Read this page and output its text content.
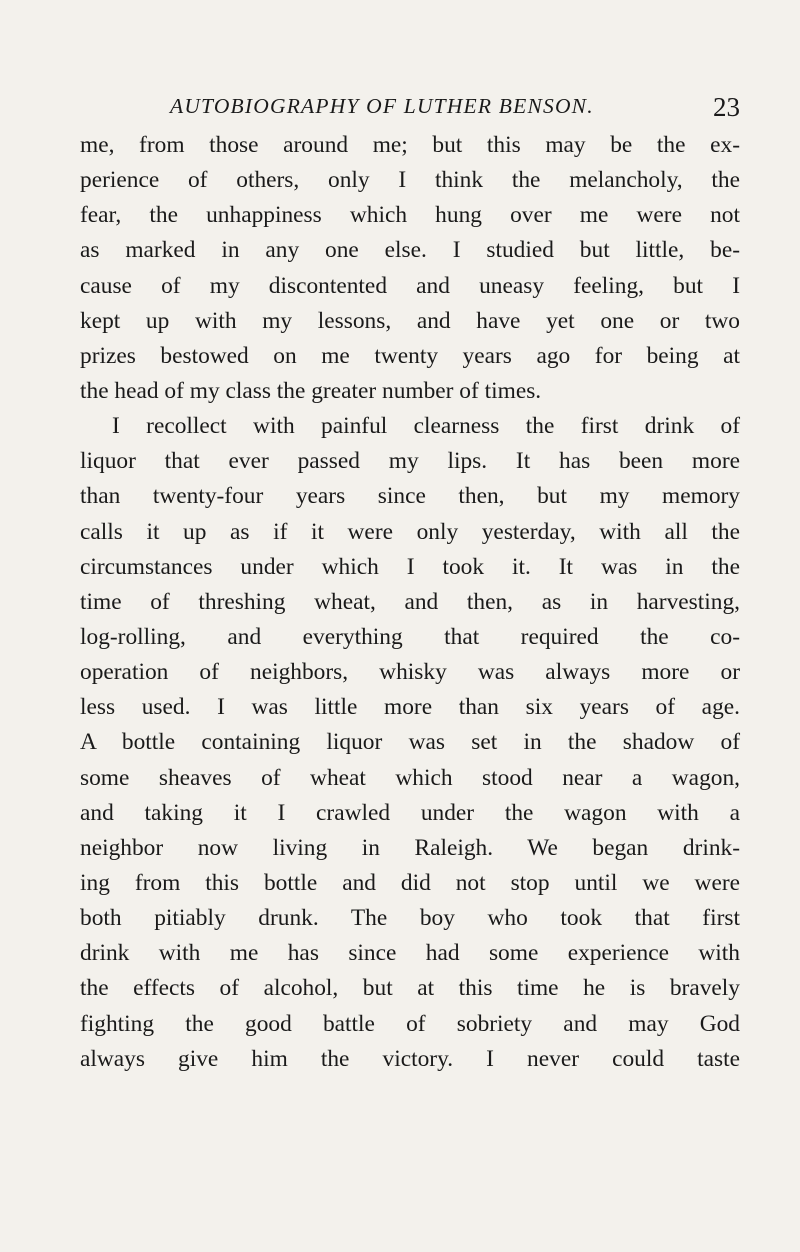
AUTOBIOGRAPHY OF LUTHER BENSON.	23
me, from those around me; but this may be the ex-
perience of others, only I think the melancholy, the
fear, the unhappiness which hung over me were not
as marked in any one else. I studied but little, be-
cause of my discontented and uneasy feeling, but I
kept up with my lessons, and have yet one or two
prizes bestowed on me twenty years ago for being at
the head of my class the greater number of times.
I recollect with painful clearness the first drink of
liquor that ever passed my lips. It has been more
than twenty-four years since then, but my memory
calls it up as if it were only yesterday, with all the
circumstances under which I took it. It was in the
time of threshing wheat, and then, as in harvesting,
log-rolling, and everything that required the co-
operation of neighbors, whisky was always more or
less used. I was little more than six years of age.
A bottle containing liquor was set in the shadow of
some sheaves of wheat which stood near a wagon,
and taking it I crawled under the wagon with a
neighbor now living in Raleigh. We began drink-
ing from this bottle and did not stop until we were
both pitiably drunk. The boy who took that first
drink with me has since had some experience with
the effects of alcohol, but at this time he is bravely
fighting the good battle of sobriety and may God
always give him the victory. I never could taste
